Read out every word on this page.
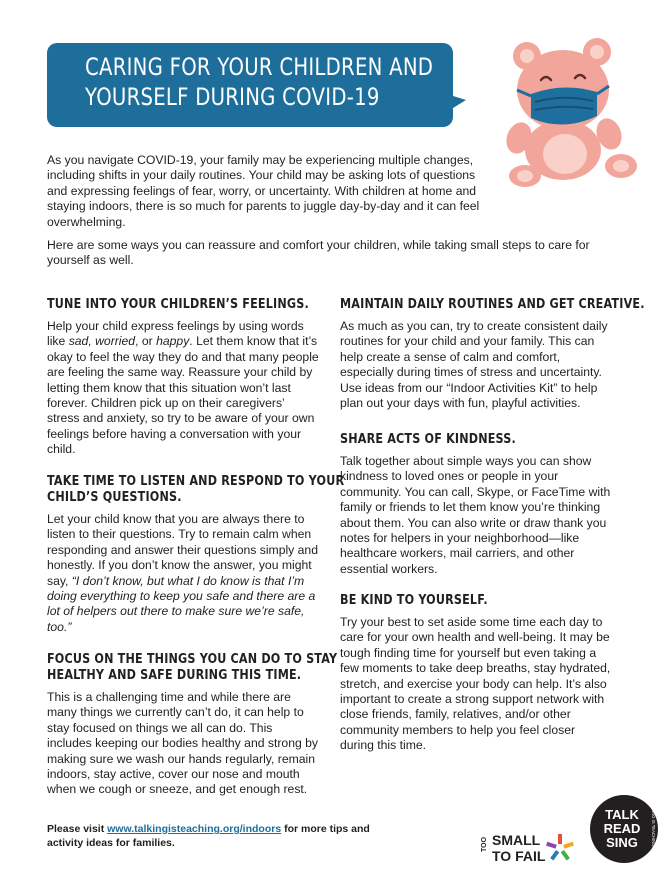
CARING FOR YOUR CHILDREN AND
YOURSELF DURING COVID-19

As you navigate COVID-19, your family may be experiencing multiple changes, including shifts in your daily routines. Your child may be asking lots of questions and expressing feelings of fear, worry, or uncertainty. With children at home and staying indoors, there is so much for parents to juggle day-by-day and it can feel overwhelming.

Here are some ways you can reassure and comfort your children, while taking small steps to care for yourself as well.

TUNE INTO YOUR CHILDREN’S FEELINGS.

Help your child express feelings by using words like sad, worried, or happy. Let them know that it’s okay to feel the way they do and that many people are feeling the same way. Reassure your child by letting them know that this situation won’t last forever. Children pick up on their caregivers’ stress and anxiety, so try to be aware of your own feelings before having a conversation with your child.

TAKE TIME TO LISTEN AND RESPOND TO YOUR
CHILD’S QUESTIONS.

Let your child know that you are always there to listen to their questions. Try to remain calm when responding and answer their questions simply and honestly. If you don’t know the answer, you might say, “I don’t know, but what I do know is that I’m doing everything to keep you safe and there are a lot of helpers out there to make sure we’re safe, too.”

FOCUS ON THE THINGS YOU CAN DO TO STAY
HEALTHY AND SAFE DURING THIS TIME.

This is a challenging time and while there are many things we currently can’t do, it can help to stay focused on things we all can do. This includes keeping our bodies healthy and strong by making sure we wash our hands regularly, remain indoors, stay active, cover our nose and mouth when we cough or sneeze, and get enough rest.

MAINTAIN DAILY ROUTINES AND GET CREATIVE.

As much as you can, try to create consistent daily routines for your child and your family. This can help create a sense of calm and comfort, especially during times of stress and uncertainty. Use ideas from our “Indoor Activities Kit” to help plan out your days with fun, playful activities.

SHARE ACTS OF KINDNESS.

Talk together about simple ways you can show kindness to loved ones or people in your community. You can call, Skype, or FaceTime with family or friends to let them know you’re thinking about them. You can also write or draw thank you notes for helpers in your neighborhood—like healthcare workers, mail carriers, and other essential workers.

BE KIND TO YOURSELF.

Try your best to set aside some time each day to care for your own health and well-being. It may be tough finding time for yourself but even taking a few moments to take deep breaths, stay hydrated, stretch, and exercise your body can help. It’s also important to create a strong support network with close friends, family, relatives, and/or other community members to help you feel closer during this time.

Please visit www.talkingisteaching.org/indoors for more tips and activity ideas for families.	TOO SMALL
TO FAIL
TALK
READ
SING	TALKING IS TEACHING.ORG
